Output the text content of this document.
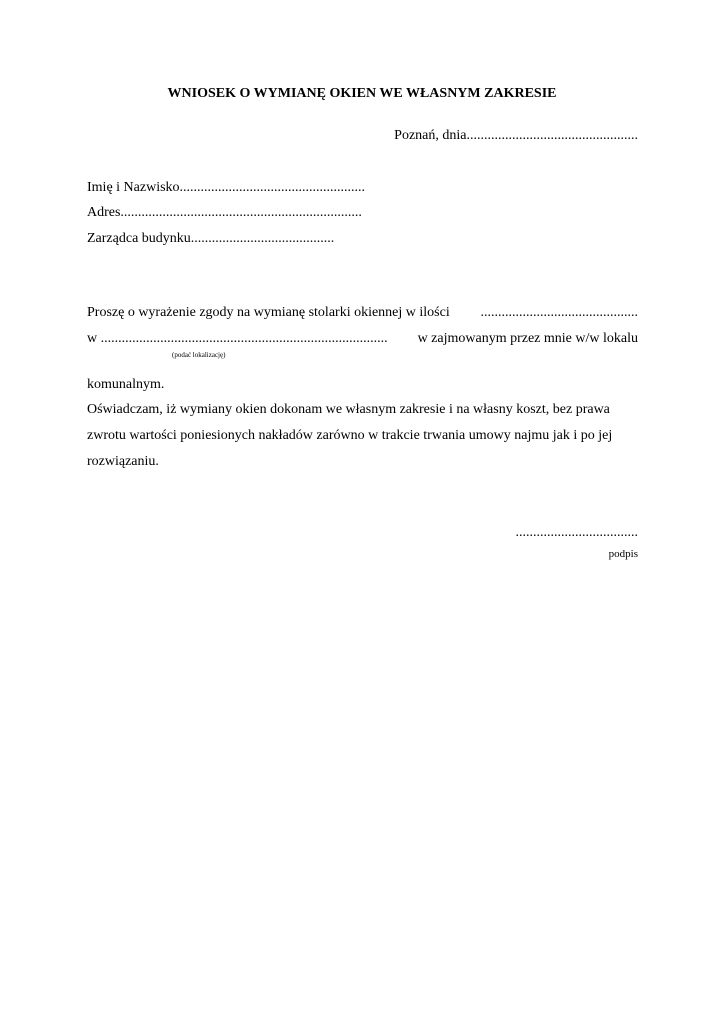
WNIOSEK O WYMIANĘ OKIEN WE WŁASNYM ZAKRESIE
Poznań, dnia.................................................
Imię i Nazwisko.....................................................
Adres.....................................................................
Zarządca budynku.........................................
Proszę o wyrażenie zgody na wymianę stolarki okiennej w ilości .............................................
w .................................................................................. w zajmowanym przez mnie w/w lokalu
(podać lokalizację)
komunalnym.
Oświadczam, iż wymiany okien dokonam we własnym zakresie i na własny koszt, bez prawa
zwrotu wartości poniesionych nakładów zarówno w trakcie trwania umowy najmu jak i po jej
rozwiązaniu.
...................................
podpis
